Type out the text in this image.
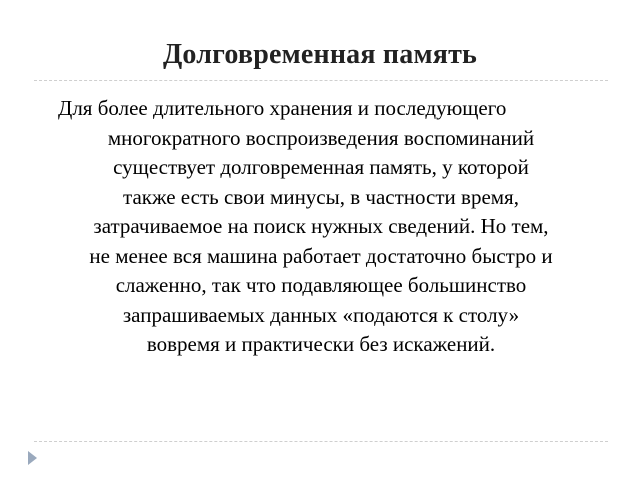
Долговременная память
Для более длительного хранения и последующего
многократного воспроизведения воспоминаний
существует долговременная память, у которой
также есть свои минусы, в частности время,
затрачиваемое на поиск нужных сведений. Но тем,
не менее вся машина работает достаточно быстро и
слаженно, так что подавляющее большинство
запрашиваемых данных «подаются к столу»
вовремя и практически без искажений.
